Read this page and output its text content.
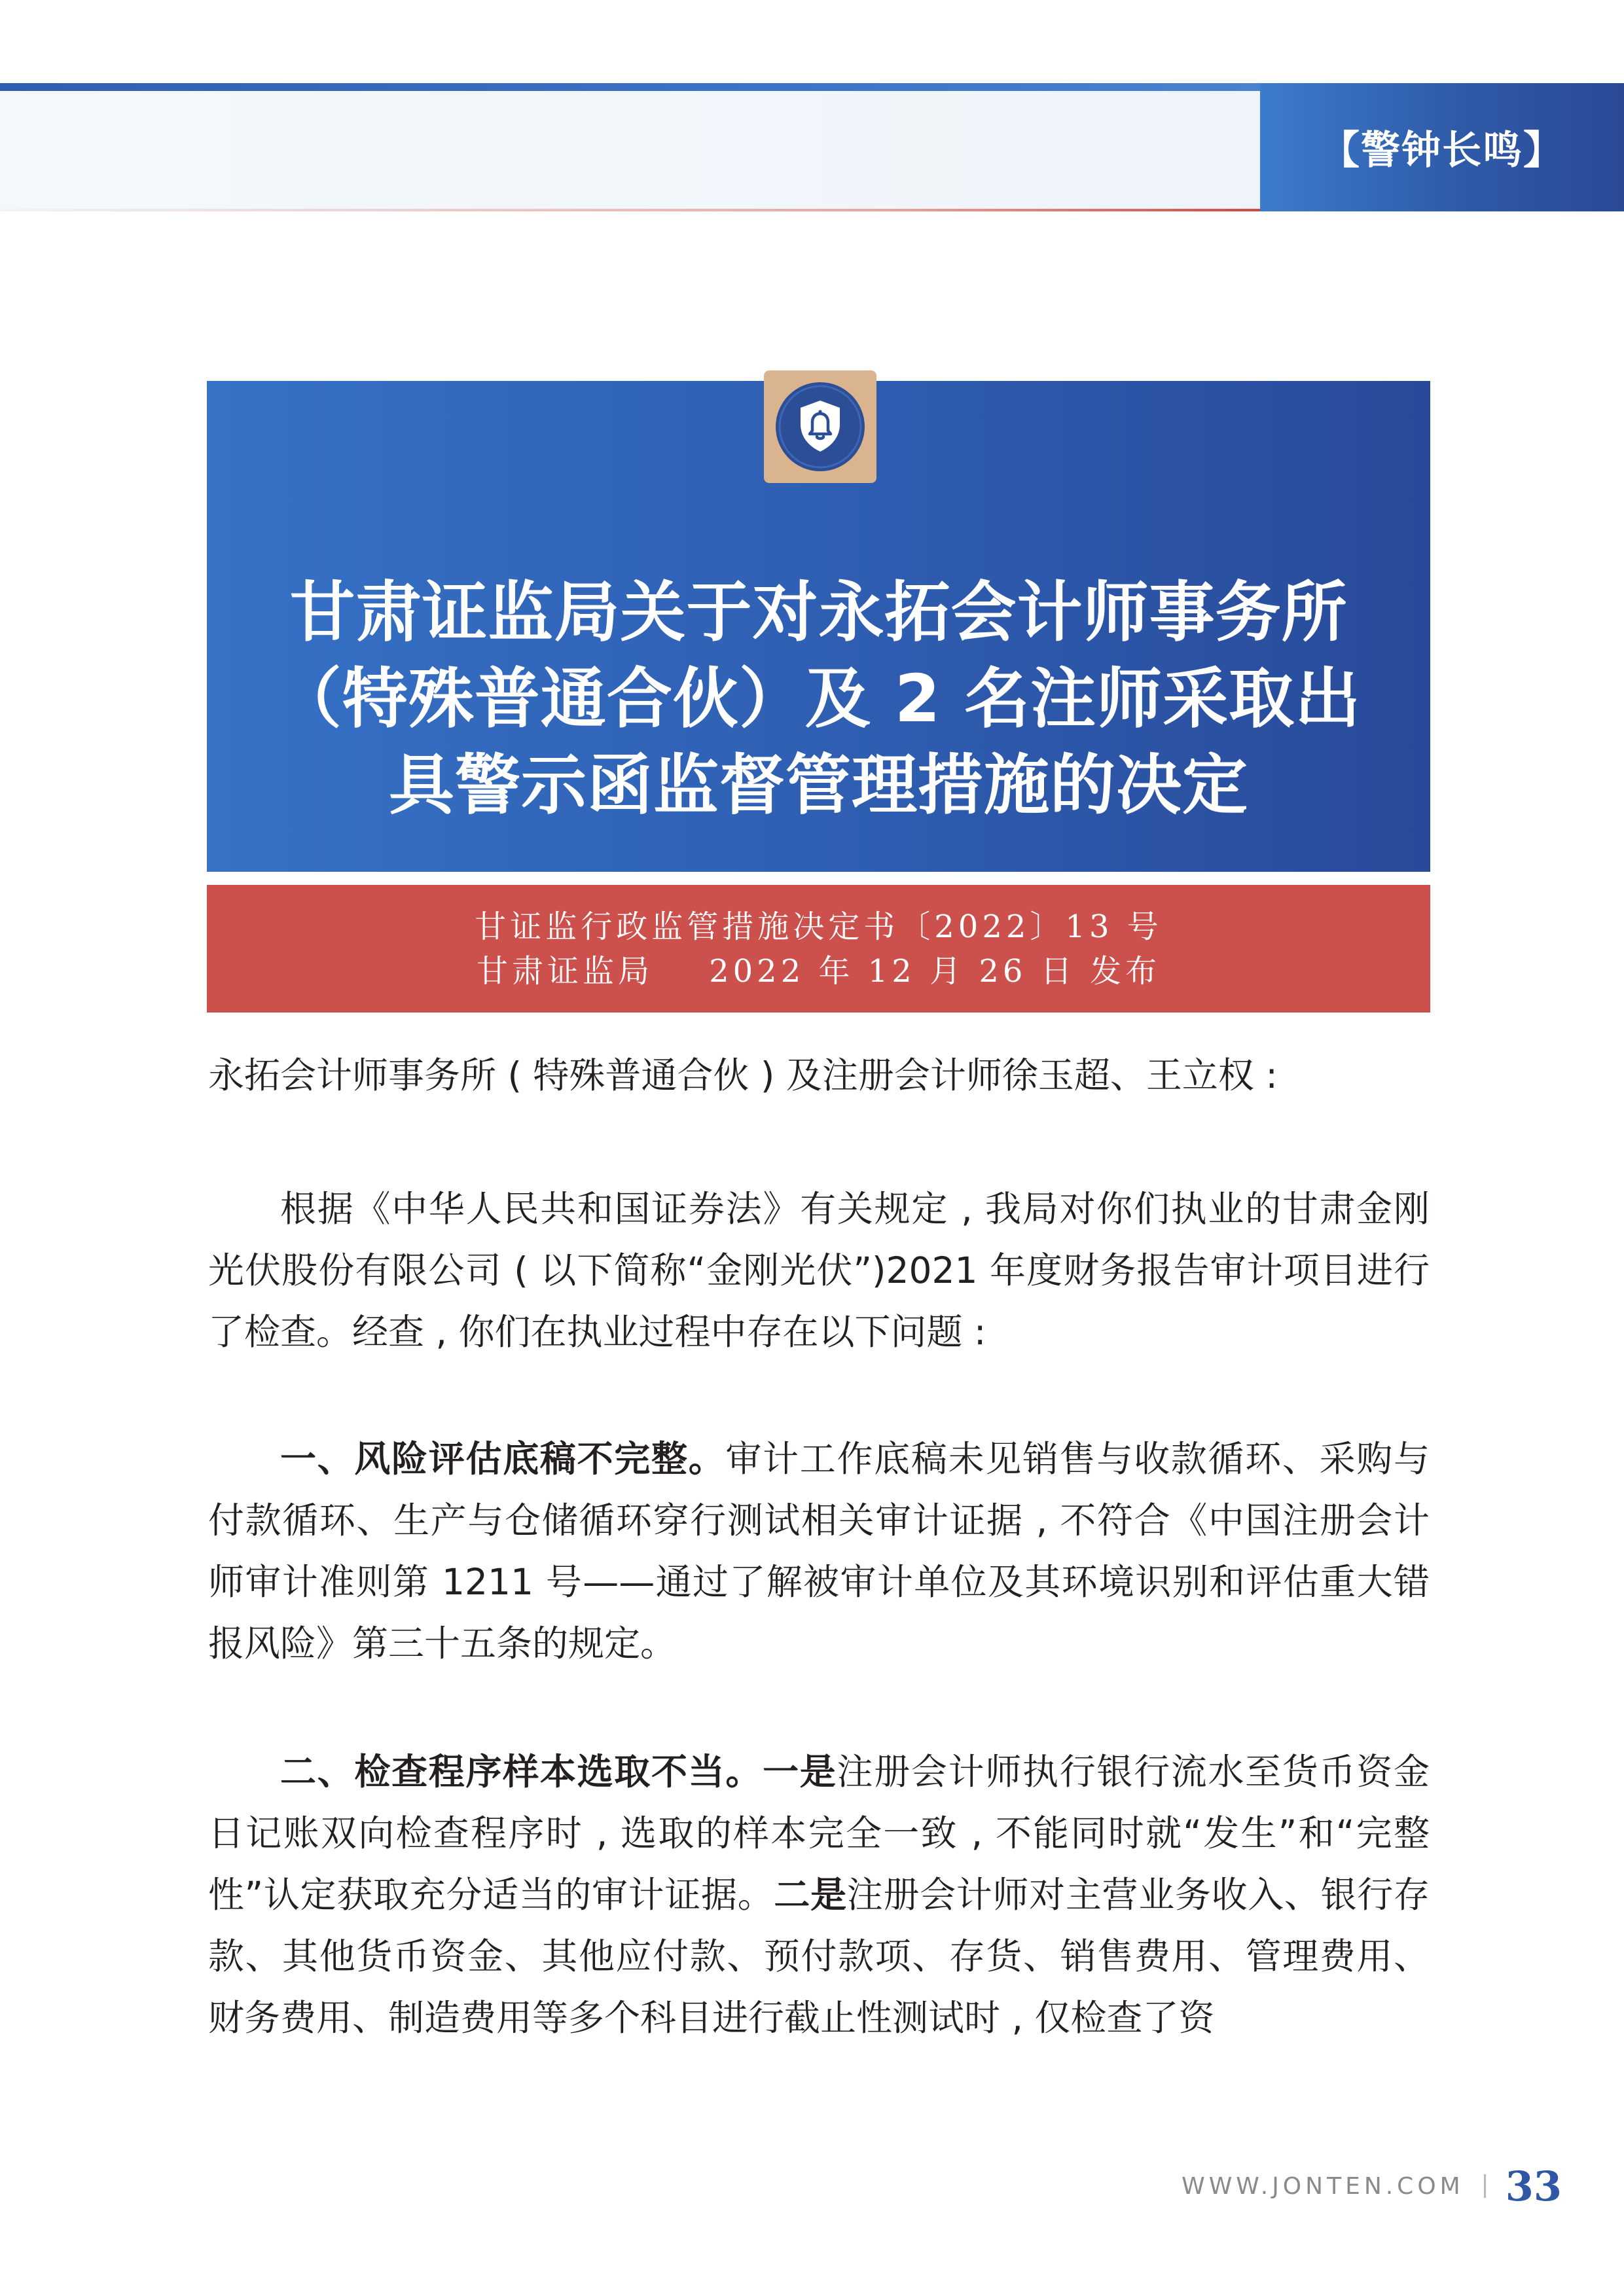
【警钟长鸣】
甘肃证监局关于对永拓会计师事务所
（特殊普通合伙）及 2 名注师采取出
具警示函监督管理措施的决定
甘证监行政监管措施决定书〔2022〕13 号
甘肃证监局    2022 年 12 月 26 日 发布

永拓会计师事务所 ( 特殊普通合伙 ) 及注册会计师徐玉超、王立权 :

根据《中华人民共和国证券法》有关规定 , 我局对你们执业的甘肃金刚光伏股份有限公司 ( 以下简称“金刚光伏”)2021 年度财务报告审计项目进行了检查。经查 , 你们在执业过程中存在以下问题 :

一、风险评估底稿不完整。审计工作底稿未见销售与收款循环、采购与付款循环、生产与仓储循环穿行测试相关审计证据 , 不符合《中国注册会计师审计准则第 1211 号——通过了解被审计单位及其环境识别和评估重大错报风险》第三十五条的规定。

二、检查程序样本选取不当。一是注册会计师执行银行流水至货币资金日记账双向检查程序时 , 选取的样本完全一致 , 不能同时就“发生”和“完整性”认定获取充分适当的审计证据。二是注册会计师对主营业务收入、银行存款、其他货币资金、其他应付款、预付款项、存货、销售费用、管理费用、财务费用、制造费用等多个科目进行截止性测试时 , 仅检查了资

WWW.JONTEN.COM 33
